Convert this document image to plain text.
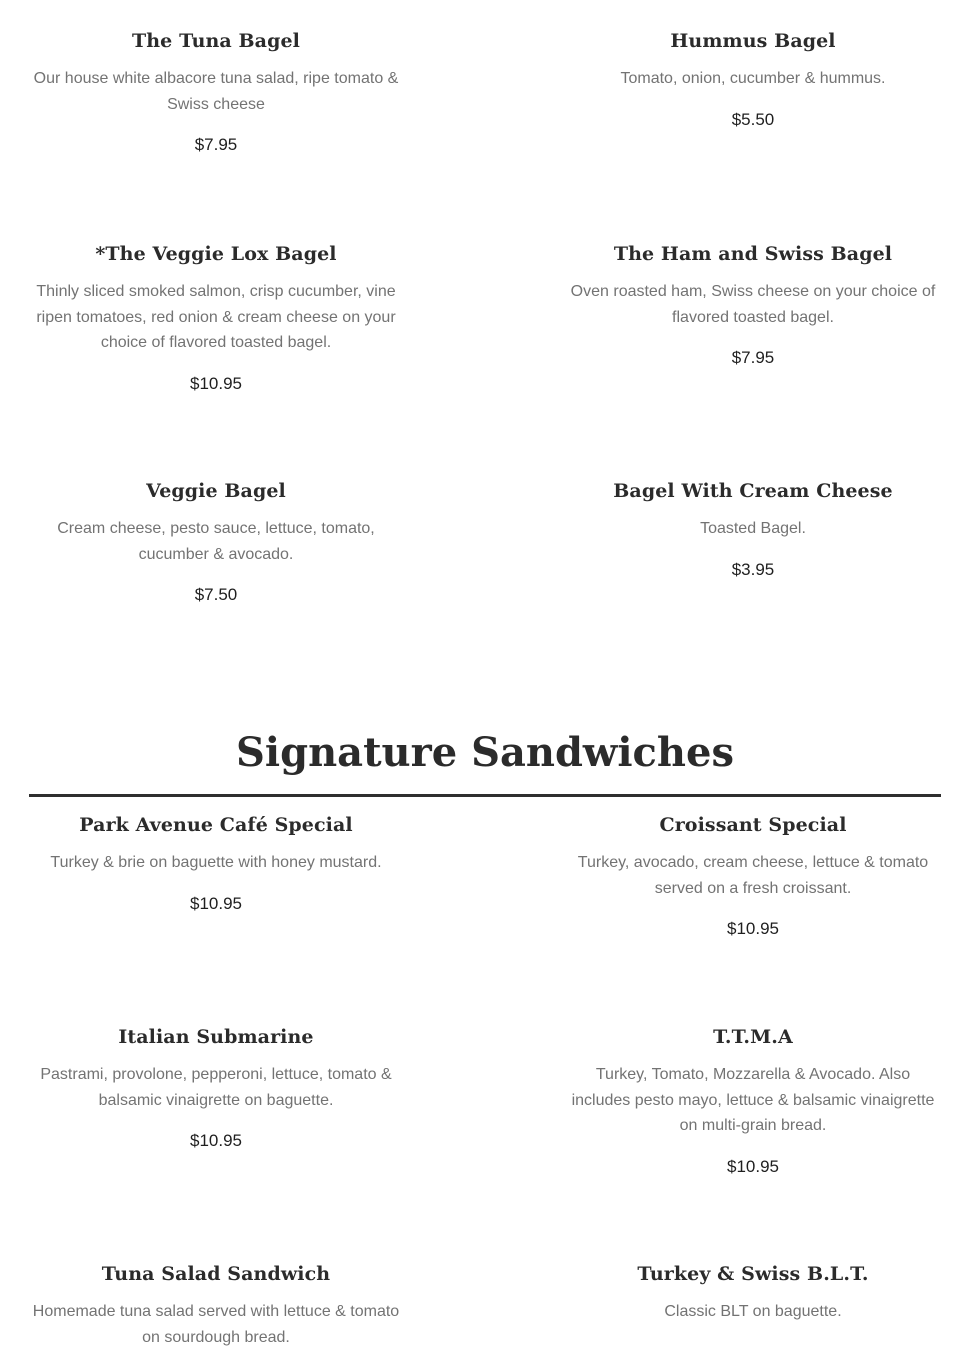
The Tuna Bagel
Our house white albacore tuna salad, ripe tomato & Swiss cheese
$7.95
Hummus Bagel
Tomato, onion, cucumber & hummus.
$5.50
*The Veggie Lox Bagel
Thinly sliced smoked salmon, crisp cucumber, vine ripen tomatoes, red onion & cream cheese on your choice of flavored toasted bagel.
$10.95
The Ham and Swiss Bagel
Oven roasted ham, Swiss cheese on your choice of flavored toasted bagel.
$7.95
Veggie Bagel
Cream cheese, pesto sauce, lettuce, tomato, cucumber & avocado.
$7.50
Bagel With Cream Cheese
Toasted Bagel.
$3.95
Signature Sandwiches
Park Avenue Café Special
Turkey & brie on baguette with honey mustard.
$10.95
Croissant Special
Turkey, avocado, cream cheese, lettuce & tomato served on a fresh croissant.
$10.95
Italian Submarine
Pastrami, provolone, pepperoni, lettuce, tomato & balsamic vinaigrette on baguette.
$10.95
T.T.M.A
Turkey, Tomato, Mozzarella & Avocado. Also includes pesto mayo, lettuce & balsamic vinaigrette on multi-grain bread.
$10.95
Tuna Salad Sandwich
Homemade tuna salad served with lettuce & tomato on sourdough bread.
Turkey & Swiss B.L.T.
Classic BLT on baguette.
